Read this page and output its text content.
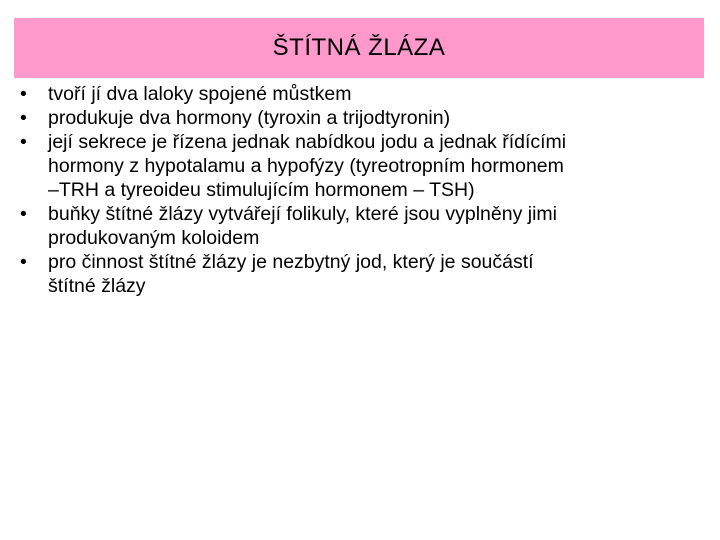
ŠTÍTNÁ ŽLÁZA
•	tvoří jí dva laloky spojené můstkem
•	produkuje dva hormony (tyroxin a trijodtyronin)
•	její sekrece je řízena jednak nabídkou jodu a jednak řídícími
hormony z hypotalamu a hypofýzy (tyreotropním hormonem
–TRH a tyreoideu stimulujícím hormonem – TSH)
•	buňky štítné žlázy vytvářejí folikuly, které jsou vyplněny jimi
produkovaným koloidem
•	pro činnost štítné žlázy je nezbytný jod, který je součástí
štítné žlázy
